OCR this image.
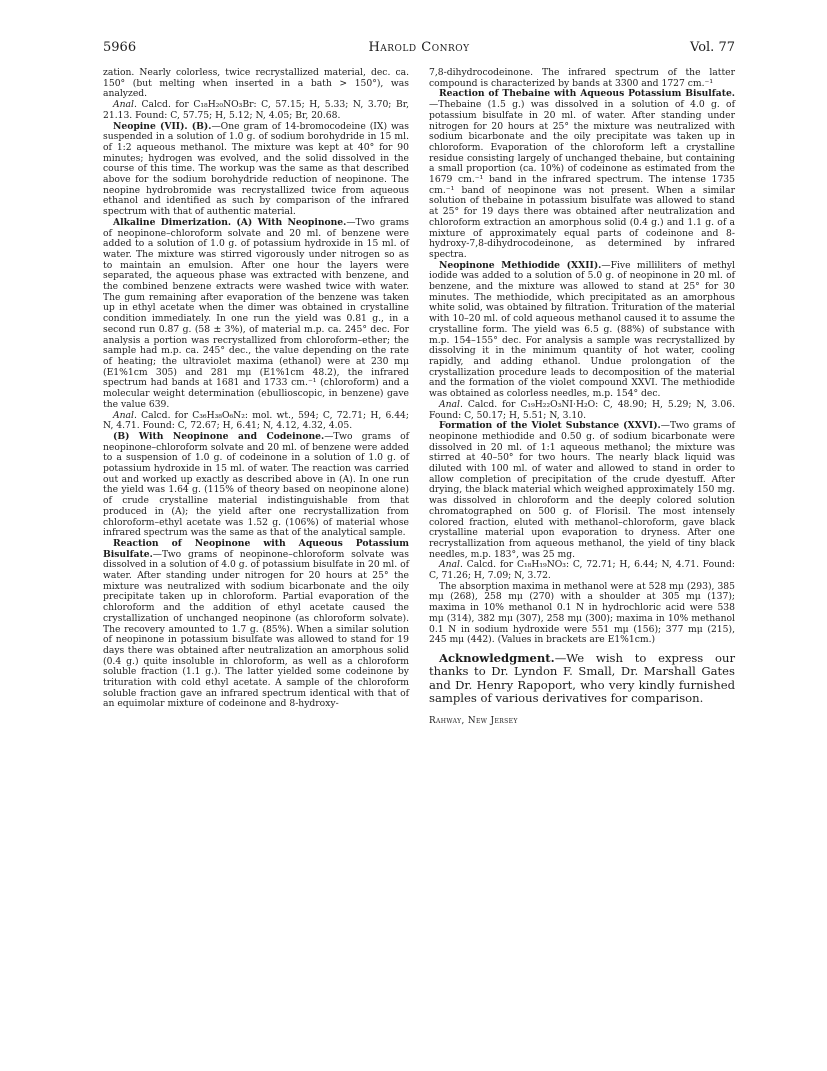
5966	Harold Conroy	Vol. 77

zation. Nearly colorless, twice recrystallized material, dec. ca. 150° (but melting when inserted in a bath > 150°), was analyzed.

Anal. Calcd. for C₁₈H₂₀NO₃Br: C, 57.15; H, 5.33; N, 3.70; Br, 21.13. Found: C, 57.75; H, 5.12; N, 4.05; Br, 20.68.

Neopine (VII). (B).—One gram of 14-bromocodeine (IX) was suspended in a solution of 1.0 g. of sodium borohydride in 15 ml. of 1:2 aqueous methanol. The mixture was kept at 40° for 90 minutes; hydrogen was evolved, and the solid dissolved in the course of this time. The workup was the same as that described above for the sodium borohydride reduction of neopinone. The neopine hydrobromide was recrystallized twice from aqueous ethanol and identified as such by comparison of the infrared spectrum with that of authentic material.

Alkaline Dimerization. (A) With Neopinone.—Two grams of neopinone–chloroform solvate and 20 ml. of benzene were added to a solution of 1.0 g. of potassium hydroxide in 15 ml. of water. The mixture was stirred vigorously under nitrogen so as to maintain an emulsion. After one hour the layers were separated, the aqueous phase was extracted with benzene, and the combined benzene extracts were washed twice with water. The gum remaining after evaporation of the benzene was taken up in ethyl acetate when the dimer was obtained in crystalline condition immediately. In one run the yield was 0.81 g., in a second run 0.87 g. (58 ± 3%), of material m.p. ca. 245° dec. For analysis a portion was recrystallized from chloroform–ether; the sample had m.p. ca. 245° dec., the value depending on the rate of heating; the ultraviolet maxima (ethanol) were at 230 mμ (E1%1cm 305) and 281 mμ (E1%1cm 48.2), the infrared spectrum had bands at 1681 and 1733 cm.⁻¹ (chloroform) and a molecular weight determination (ebullioscopic, in benzene) gave the value 639.

Anal. Calcd. for C₃₆H₃₈O₆N₂: mol. wt., 594; C, 72.71; H, 6.44; N, 4.71. Found: C, 72.67; H, 6.41; N, 4.12, 4.32, 4.05.

(B) With Neopinone and Codeinone.—Two grams of neopinone–chloroform solvate and 20 ml. of benzene were added to a suspension of 1.0 g. of codeinone in a solution of 1.0 g. of potassium hydroxide in 15 ml. of water. The reaction was carried out and worked up exactly as described above in (A). In one run the yield was 1.64 g. (115% of theory based on neopinone alone) of crude crystalline material indistinguishable from that produced in (A); the yield after one recrystallization from chloroform–ethyl acetate was 1.52 g. (106%) of material whose infrared spectrum was the same as that of the analytical sample.

Reaction of Neopinone with Aqueous Potassium Bisulfate.—Two grams of neopinone–chloroform solvate was dissolved in a solution of 4.0 g. of potassium bisulfate in 20 ml. of water. After standing under nitrogen for 20 hours at 25° the mixture was neutralized with sodium bicarbonate and the oily precipitate taken up in chloroform. Partial evaporation of the chloroform and the addition of ethyl acetate caused the crystallization of unchanged neopinone (as chloroform solvate). The recovery amounted to 1.7 g. (85%). When a similar solution of neopinone in potassium bisulfate was allowed to stand for 19 days there was obtained after neutralization an amorphous solid (0.4 g.) quite insoluble in chloroform, as well as a chloroform soluble fraction (1.1 g.). The latter yielded some codeinone by trituration with cold ethyl acetate. A sample of the chloroform soluble fraction gave an infrared spectrum identical with that of an equimolar mixture of codeinone and 8-hydroxy-

7,8-dihydrocodeinone. The infrared spectrum of the latter compound is characterized by bands at 3300 and 1727 cm.⁻¹

Reaction of Thebaine with Aqueous Potassium Bisulfate.—Thebaine (1.5 g.) was dissolved in a solution of 4.0 g. of potassium bisulfate in 20 ml. of water. After standing under nitrogen for 20 hours at 25° the mixture was neutralized with sodium bicarbonate and the oily precipitate was taken up in chloroform. Evaporation of the chloroform left a crystalline residue consisting largely of unchanged thebaine, but containing a small proportion (ca. 10%) of codeinone as estimated from the 1679 cm.⁻¹ band in the infrared spectrum. The intense 1735 cm.⁻¹ band of neopinone was not present. When a similar solution of thebaine in potassium bisulfate was allowed to stand at 25° for 19 days there was obtained after neutralization and chloroform extraction an amorphous solid (0.4 g.) and 1.1 g. of a mixture of approximately equal parts of codeinone and 8-hydroxy-7,8-dihydrocodeinone, as determined by infrared spectra.

Neopinone Methiodide (XXII).—Five milliliters of methyl iodide was added to a solution of 5.0 g. of neopinone in 20 ml. of benzene, and the mixture was allowed to stand at 25° for 30 minutes. The methiodide, which precipitated as an amorphous white solid, was obtained by filtration. Trituration of the material with 10–20 ml. of cold aqueous methanol caused it to assume the crystalline form. The yield was 6.5 g. (88%) of substance with m.p. 154–155° dec. For analysis a sample was recrystallized by dissolving it in the minimum quantity of hot water, cooling rapidly, and adding ethanol. Undue prolongation of the crystallization procedure leads to decomposition of the material and the formation of the violet compound XXVI. The methiodide was obtained as colorless needles, m.p. 154° dec.

Anal. Calcd. for C₁₉H₂₂O₃NI·H₂O: C, 48.90; H, 5.29; N, 3.06. Found: C, 50.17; H, 5.51; N, 3.10.

Formation of the Violet Substance (XXVI).—Two grams of neopinone methiodide and 0.50 g. of sodium bicarbonate were dissolved in 20 ml. of 1:1 aqueous methanol; the mixture was stirred at 40–50° for two hours. The nearly black liquid was diluted with 100 ml. of water and allowed to stand in order to allow completion of precipitation of the crude dyestuff. After drying, the black material which weighed approximately 150 mg. was dissolved in chloroform and the deeply colored solution chromatographed on 500 g. of Florisil. The most intensely colored fraction, eluted with methanol–chloroform, gave black crystalline material upon evaporation to dryness. After one recrystallization from aqueous methanol, the yield of tiny black needles, m.p. 183°, was 25 mg.

Anal. Calcd. for C₁₈H₁₉NO₃: C, 72.71; H, 6.44; N, 4.71. Found: C, 71.26; H, 7.09; N, 3.72.

The absorption maxima in methanol were at 528 mμ (293), 385 mμ (268), 258 mμ (270) with a shoulder at 305 mμ (137); maxima in 10% methanol 0.1 N in hydrochloric acid were 538 mμ (314), 382 mμ (307), 258 mμ (300); maxima in 10% methanol 0.1 N in sodium hydroxide were 551 mμ (156); 377 mμ (215), 245 mμ (442). (Values in brackets are E1%1cm.)

Acknowledgment.—We wish to express our thanks to Dr. Lyndon F. Small, Dr. Marshall Gates and Dr. Henry Rapoport, who very kindly furnished samples of various derivatives for comparison.

Rahway, New Jersey
